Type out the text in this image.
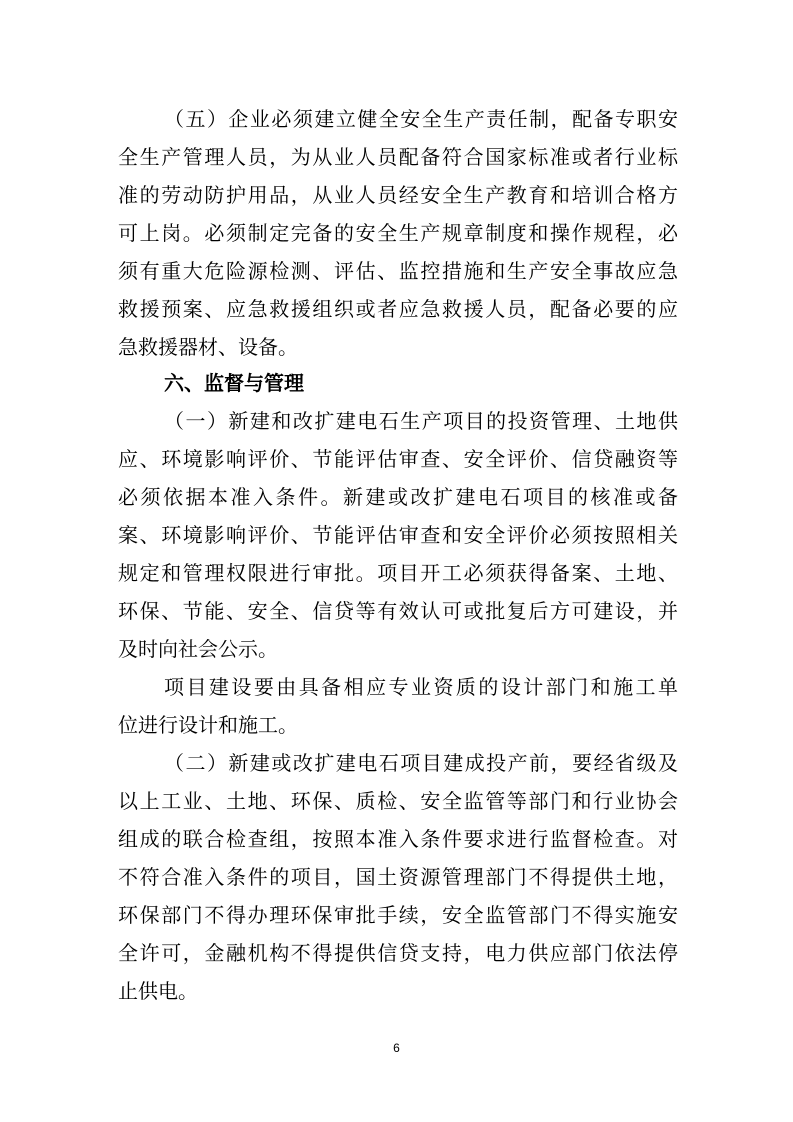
（五）企业必须建立健全安全生产责任制，配备专职安
全生产管理人员，为从业人员配备符合国家标准或者行业标
准的劳动防护用品，从业人员经安全生产教育和培训合格方
可上岗。必须制定完备的安全生产规章制度和操作规程，必
须有重大危险源检测、评估、监控措施和生产安全事故应急
救援预案、应急救援组织或者应急救援人员，配备必要的应
急救援器材、设备。
六、监督与管理
（一）新建和改扩建电石生产项目的投资管理、土地供
应、环境影响评价、节能评估审查、安全评价、信贷融资等
必须依据本准入条件。新建或改扩建电石项目的核准或备
案、环境影响评价、节能评估审查和安全评价必须按照相关
规定和管理权限进行审批。项目开工必须获得备案、土地、
环保、节能、安全、信贷等有效认可或批复后方可建设，并
及时向社会公示。
项目建设要由具备相应专业资质的设计部门和施工单
位进行设计和施工。
（二）新建或改扩建电石项目建成投产前，要经省级及
以上工业、土地、环保、质检、安全监管等部门和行业协会
组成的联合检查组，按照本准入条件要求进行监督检查。对
不符合准入条件的项目，国土资源管理部门不得提供土地，
环保部门不得办理环保审批手续，安全监管部门不得实施安
全许可，金融机构不得提供信贷支持，电力供应部门依法停
止供电。
6
